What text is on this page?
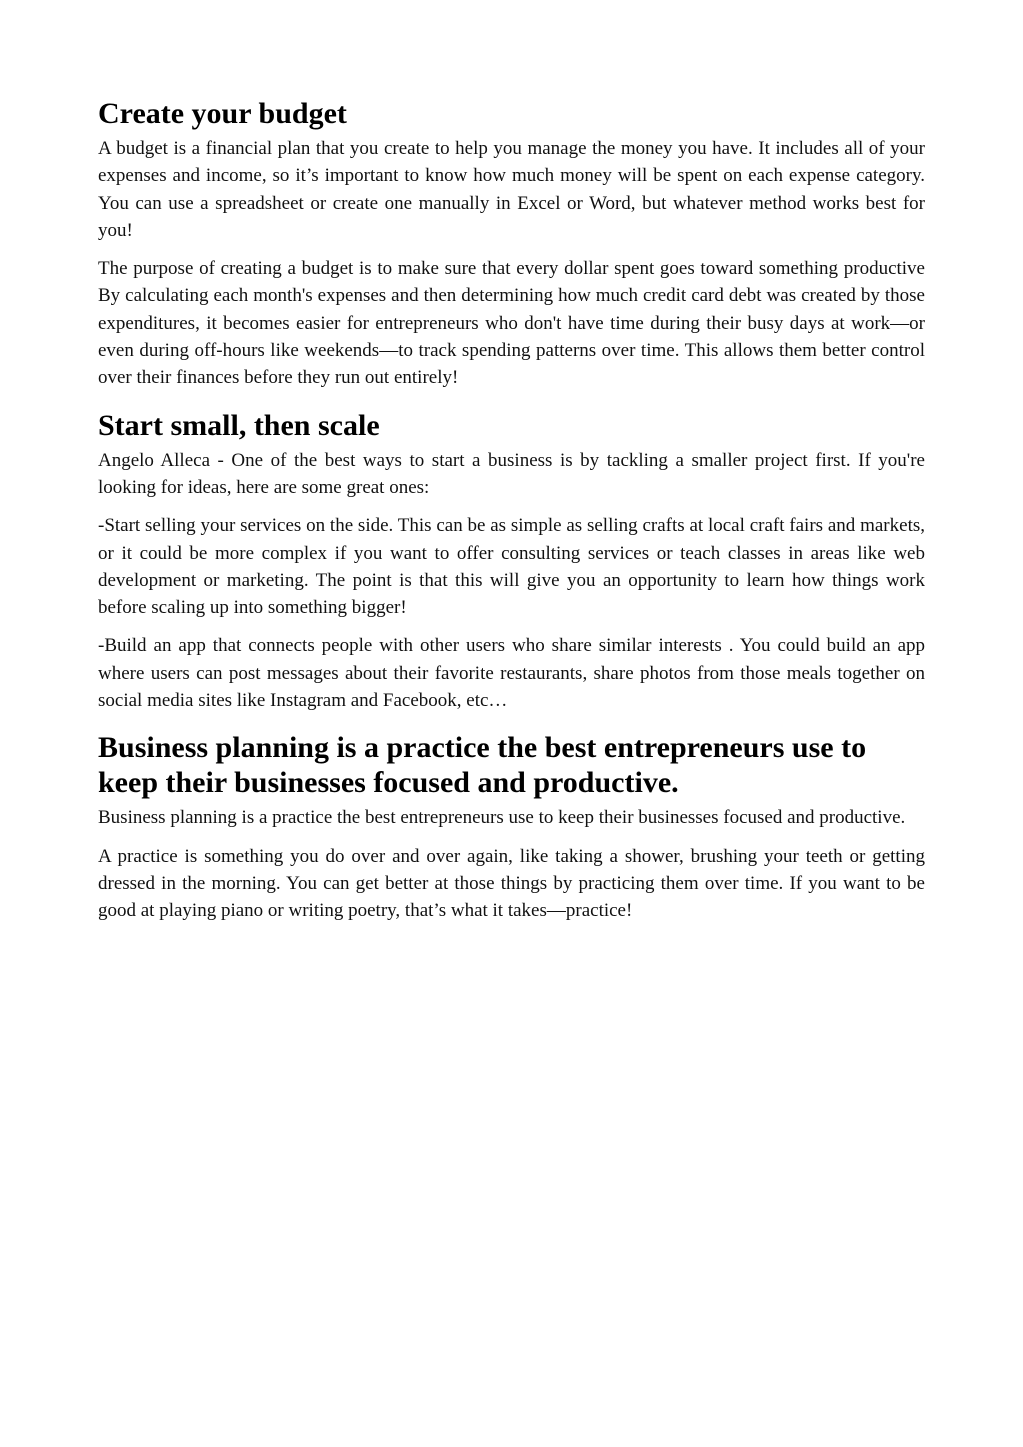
Create your budget

A budget is a financial plan that you create to help you manage the money you have. It includes all of your expenses and income, so it’s important to know how much money will be spent on each expense category. You can use a spreadsheet or create one manually in Excel or Word, but whatever method works best for you!

The purpose of creating a budget is to make sure that every dollar spent goes toward something productive By calculating each month's expenses and then determining how much credit card debt was created by those expenditures, it becomes easier for entrepreneurs who don't have time during their busy days at work—or even during off-hours like weekends—to track spending patterns over time. This allows them better control over their finances before they run out entirely!

Start small, then scale

Angelo Alleca - One of the best ways to start a business is by tackling a smaller project first. If you're looking for ideas, here are some great ones:

-Start selling your services on the side. This can be as simple as selling crafts at local craft fairs and markets, or it could be more complex if you want to offer consulting services or teach classes in areas like web development or marketing. The point is that this will give you an opportunity to learn how things work before scaling up into something bigger!

-Build an app that connects people with other users who share similar interests . You could build an app where users can post messages about their favorite restaurants, share photos from those meals together on social media sites like Instagram and Facebook, etc…

Business planning is a practice the best entrepreneurs use to keep their businesses focused and productive.

Business planning is a practice the best entrepreneurs use to keep their businesses focused and productive.

A practice is something you do over and over again, like taking a shower, brushing your teeth or getting dressed in the morning. You can get better at those things by practicing them over time. If you want to be good at playing piano or writing poetry, that’s what it takes—practice!
